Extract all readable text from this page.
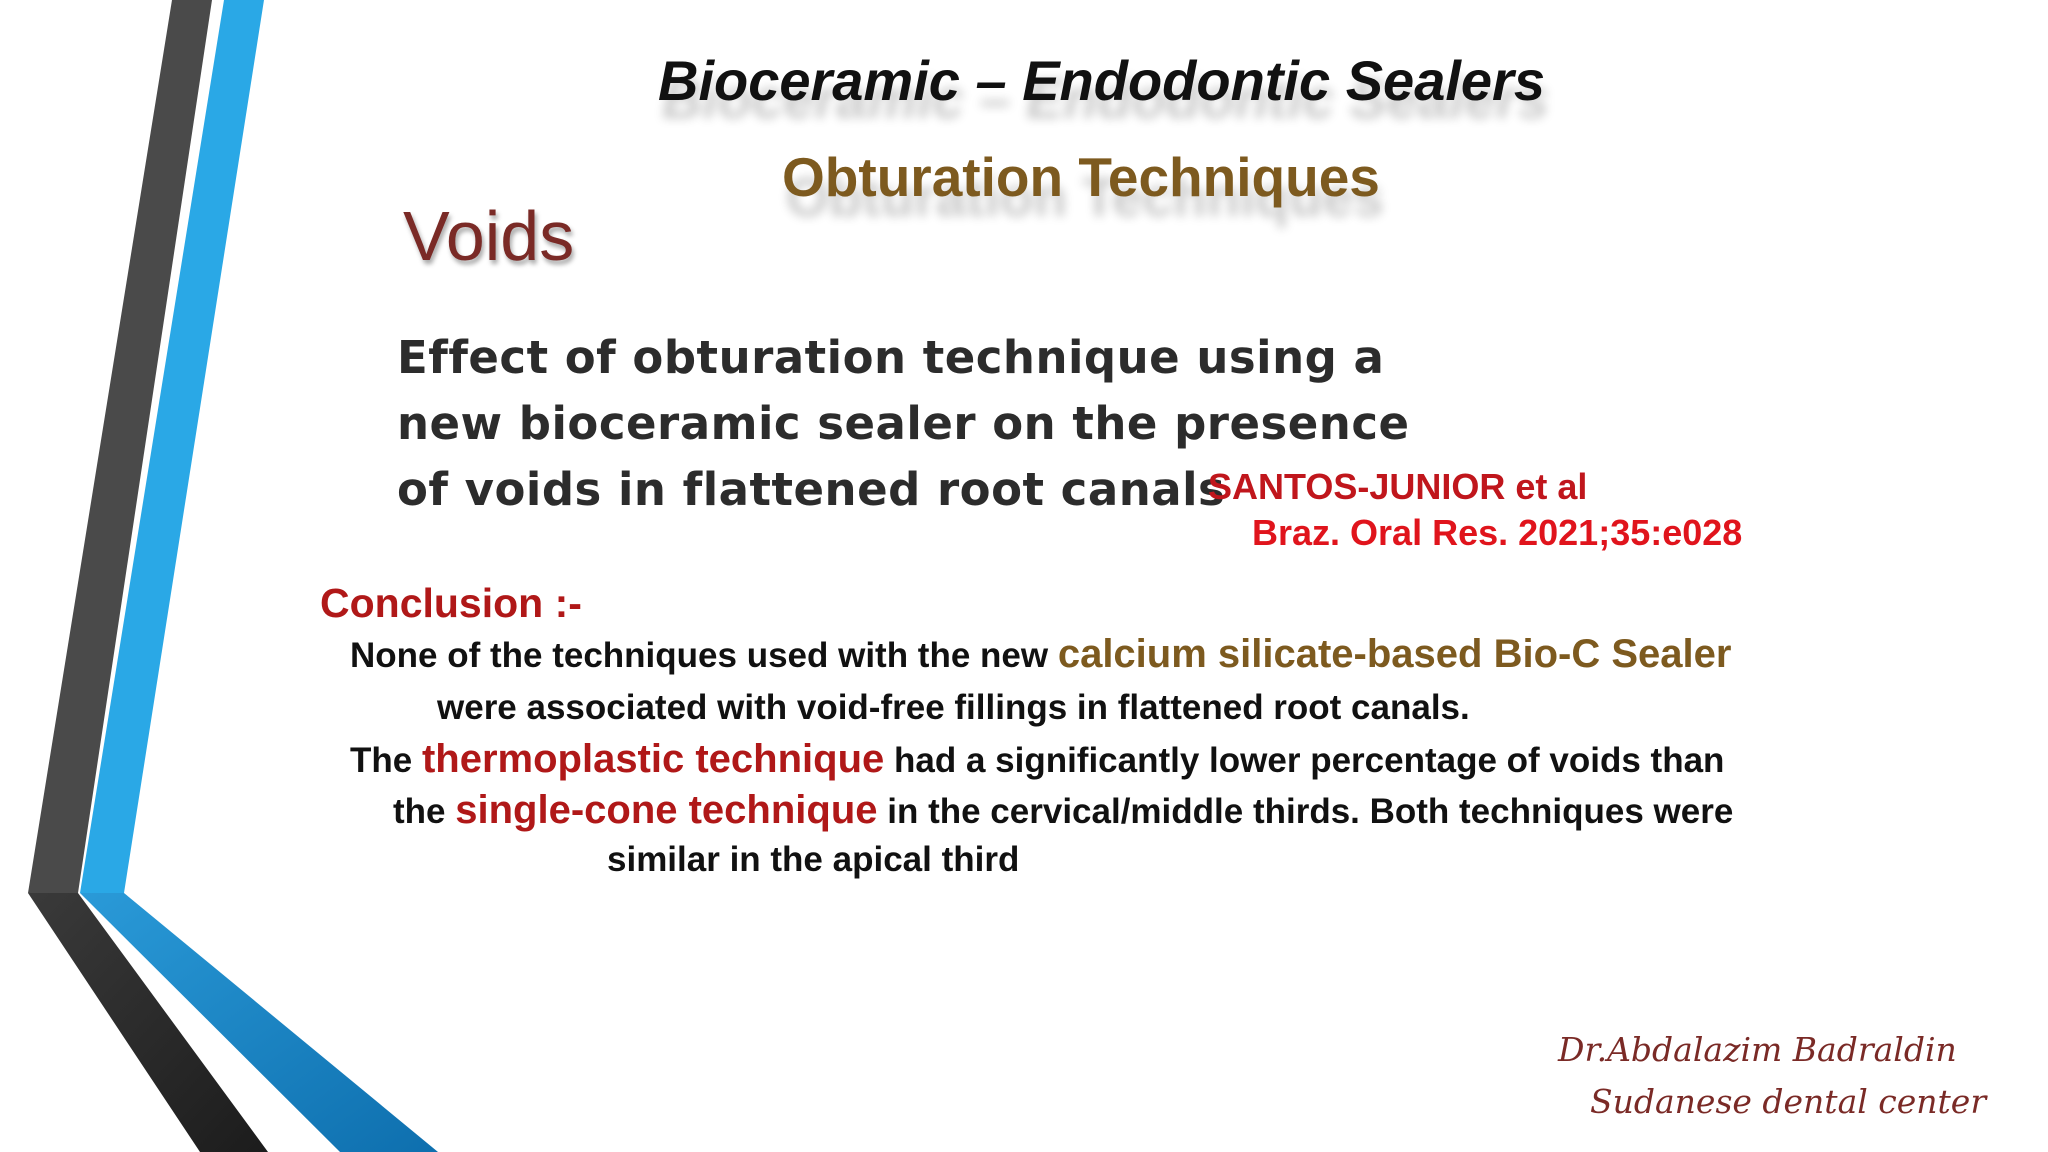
Bioceramic – Endodontic Sealers
Obturation Techniques
Voids
Effect of obturation technique using a
new bioceramic sealer on the presence
of voids in flattened root canals
SANTOS-JUNIOR et al
Braz. Oral Res. 2021;35:e028
Conclusion :-
None of the techniques used with the new calcium silicate-based Bio-C Sealer
were associated with void-free fillings in flattened root canals.
The thermoplastic technique had a significantly lower percentage of voids than
the single-cone technique in the cervical/middle thirds. Both techniques were
similar in the apical third
Dr.Abdalazim Badraldin
Sudanese dental center
